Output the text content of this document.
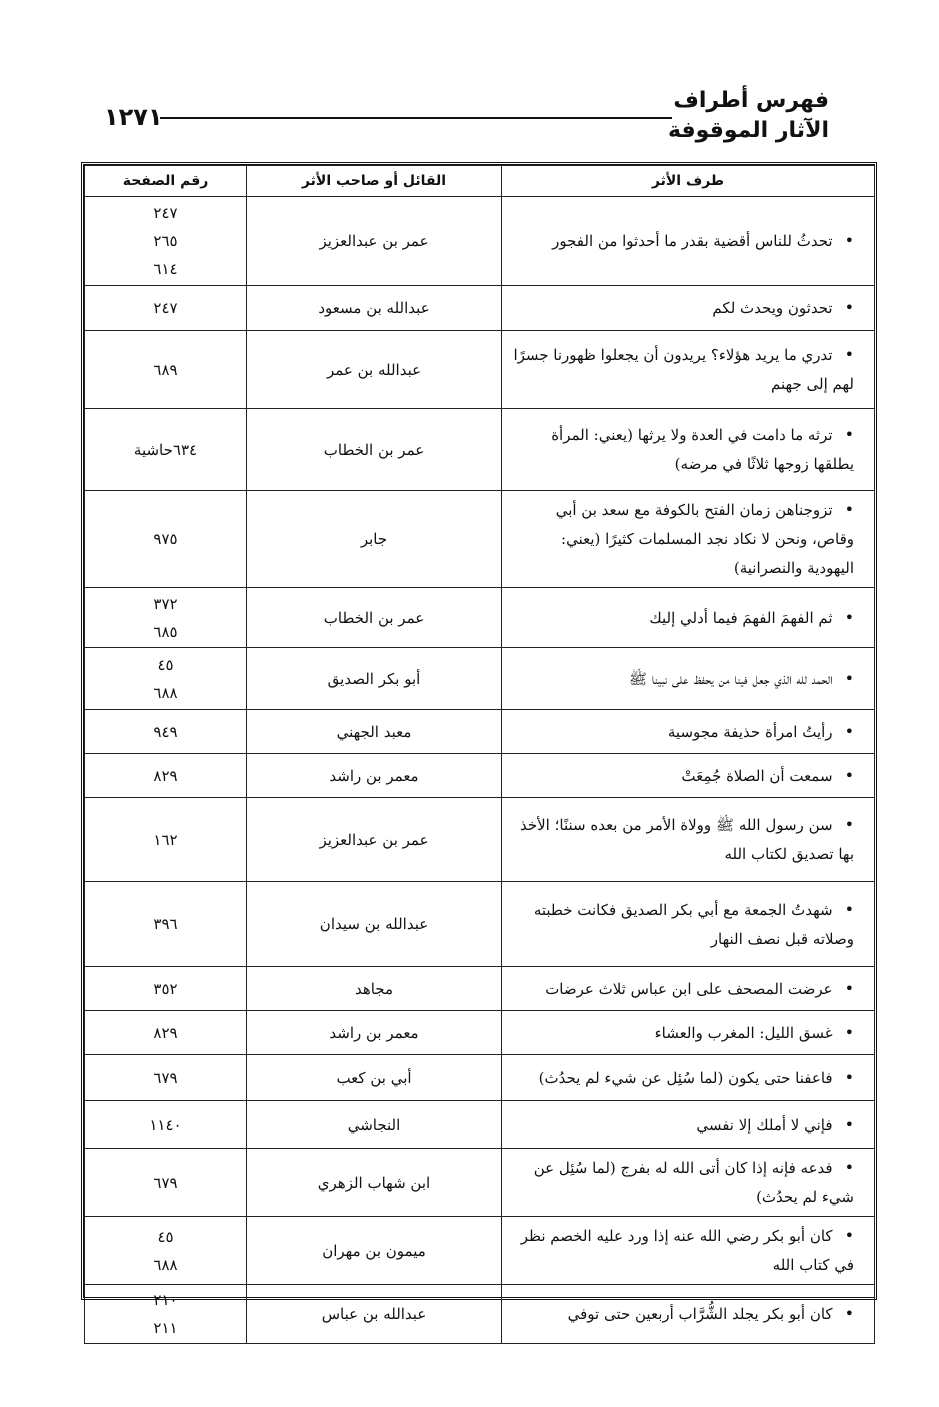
فهرس أطراف
الآثار الموقوفة
١٢٧١
طرف الأثر	القائل أو صاحب الأثر	رقم الصفحة
•تحدثُ للناس أقضية بقدر ما أحدثوا من الفجور	عمر بن عبدالعزيز	٢٤٧
٢٦٥
٦١٤

•تحدثون ويحدث لكم	عبدالله بن مسعود	٢٤٧

•تدري ما يريد هؤلاء؟ يريدون أن يجعلوا ظهورنا جسرًا لهم إلى جهنم	عبدالله بن عمر	٦٨٩

•ترثه ما دامت في العدة ولا يرثها (يعني: المرأة يطلقها زوجها ثلاثًا في مرضه)	عمر بن الخطاب	٦٣٤حاشية

•تزوجناهن زمان الفتح بالكوفة مع سعد بن أبي وقاص، ونحن لا نكاد نجد المسلمات كثيرًا (يعني: اليهودية والنصرانية)	جابر	٩٧٥

•ثم الفهمَ الفهمَ فيما أدلي إليك	عمر بن الخطاب	٣٧٢
٦٨٥

•الحمد لله الذي جعل فينا من يحفظ على نبينا ﷺ	أبو بكر الصديق	٤٥
٦٨٨

•رأيتُ امرأة حذيفة مجوسية	معبد الجهني	٩٤٩

•سمعت أن الصلاة جُمِعَتْ	معمر بن راشد	٨٢٩

•سن رسول الله ﷺ وولاة الأمر من بعده سننًا؛ الأخذ بها تصديق لكتاب الله	عمر بن عبدالعزيز	١٦٢

•شهدتُ الجمعة مع أبي بكر الصديق فكانت خطبته وصلاته قبل نصف النهار	عبدالله بن سيدان	٣٩٦

•عرضت المصحف على ابن عباس ثلاث عرضات	مجاهد	٣٥٢

•غسق الليل: المغرب والعشاء	معمر بن راشد	٨٢٩

•فاعفنا حتى يكون (لما سُئِل عن شيء لم يحدُث)	أبي بن كعب	٦٧٩

•فإني لا أملك إلا نفسي	النجاشي	١١٤٠

•فدعه فإنه إذا كان أتى الله له بفرج (لما سُئِل عن شيء لم يحدُث)	ابن شهاب الزهري	٦٧٩

•كان أبو بكر رضي الله عنه إذا ورد عليه الخصم نظر في كتاب الله	ميمون بن مهران	٤٥
٦٨٨

•كان أبو بكر يجلد الشُّرَّاب أربعين حتى توفي	عبدالله بن عباس	٢١٠
٢١١
